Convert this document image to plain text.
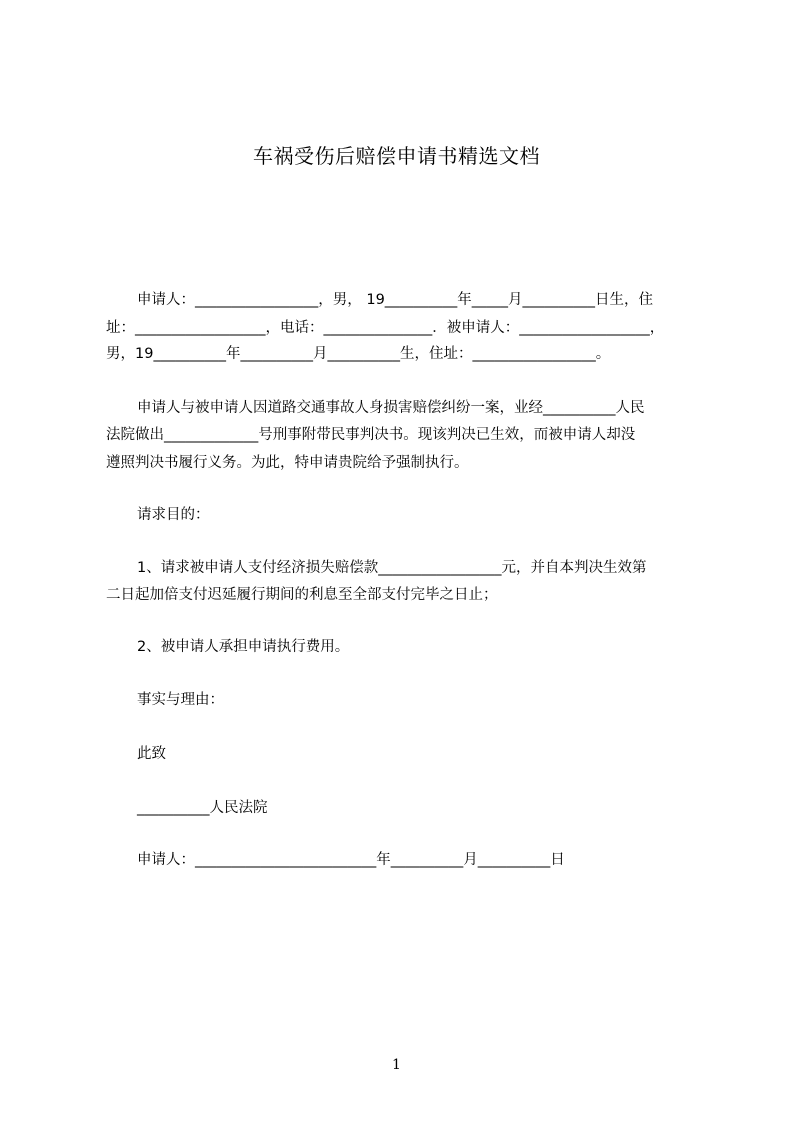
车祸受伤后赔偿申请书精选文档
申请人：_________________，男， 19__________年_____月__________日生，住
址：__________________，电话：_______________．被申请人：__________________，
男，19__________年__________月__________生，住址：_________________。
申请人与被申请人因道路交通事故人身损害赔偿纠纷一案，业经__________人民
法院做出_____________号刑事附带民事判决书。现该判决已生效，而被申请人却没
遵照判决书履行义务。为此，特申请贵院给予强制执行。
请求目的：
1、请求被申请人支付经济损失赔偿款_________________元，并自本判决生效第
二日起加倍支付迟延履行期间的利息至全部支付完毕之日止；
2、被申请人承担申请执行费用。
事实与理由：
此致
__________人民法院
申请人：_________________________年__________月__________日
1
